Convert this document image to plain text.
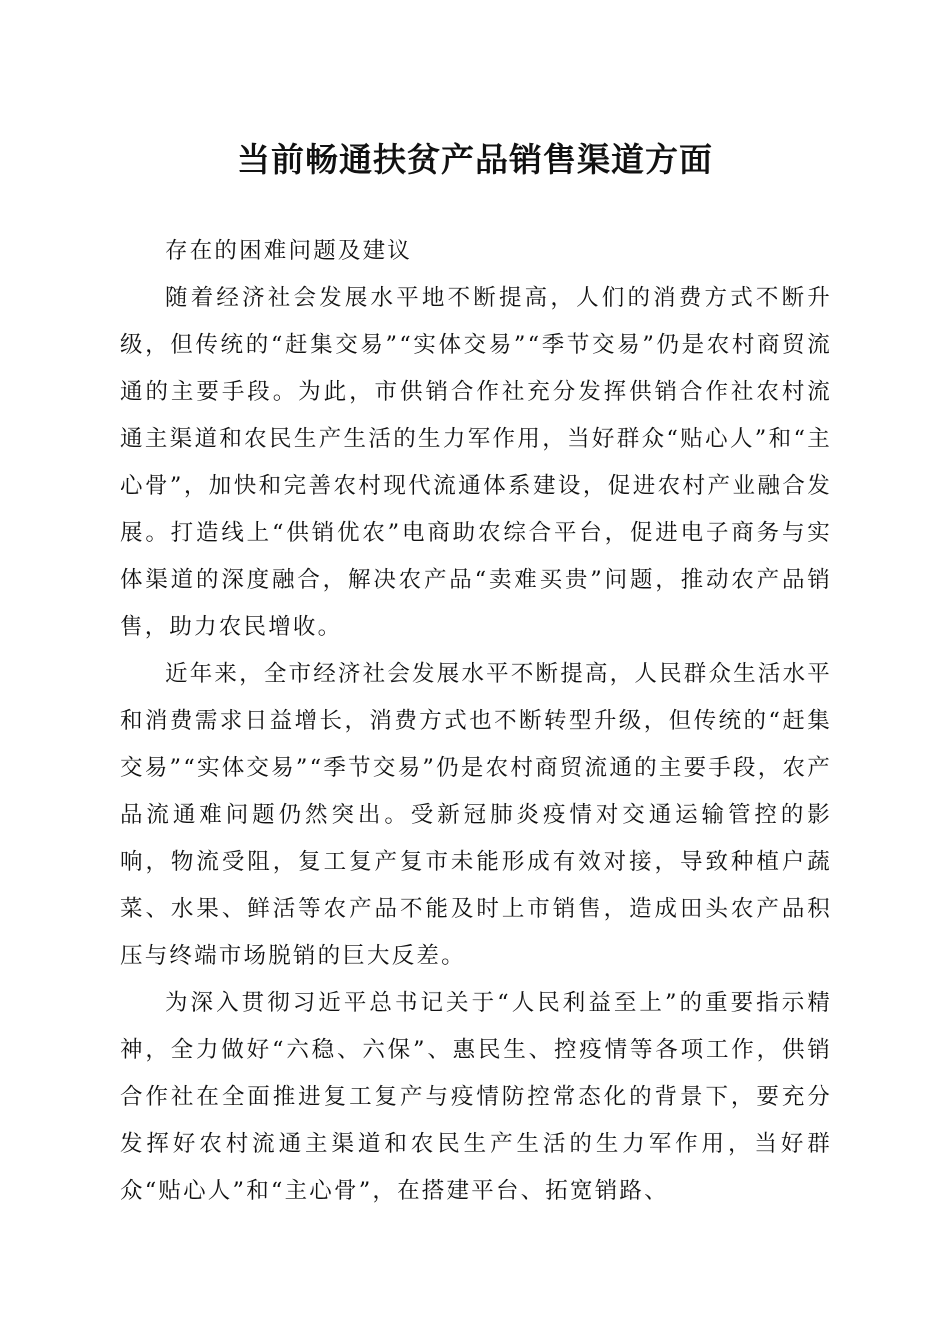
当前畅通扶贫产品销售渠道方面

存在的困难问题及建议

随着经济社会发展水平地不断提高，人们的消费方式不断升级，但传统的“赶集交易”“实体交易”“季节交易”仍是农村商贸流通的主要手段。为此，市供销合作社充分发挥供销合作社农村流通主渠道和农民生产生活的生力军作用，当好群众“贴心人”和“主心骨”，加快和完善农村现代流通体系建设，促进农村产业融合发展。打造线上“供销优农”电商助农综合平台，促进电子商务与实体渠道的深度融合，解决农产品“卖难买贵”问题，推动农产品销售，助力农民增收。

近年来，全市经济社会发展水平不断提高，人民群众生活水平和消费需求日益增长，消费方式也不断转型升级，但传统的“赶集交易”“实体交易”“季节交易”仍是农村商贸流通的主要手段，农产品流通难问题仍然突出。受新冠肺炎疫情对交通运输管控的影响，物流受阻，复工复产复市未能形成有效对接，导致种植户蔬菜、水果、鲜活等农产品不能及时上市销售，造成田头农产品积压与终端市场脱销的巨大反差。

为深入贯彻习近平总书记关于“人民利益至上”的重要指示精神，全力做好“六稳、六保”、惠民生、控疫情等各项工作，供销合作社在全面推进复工复产与疫情防控常态化的背景下，要充分发挥好农村流通主渠道和农民生产生活的生力军作用，当好群众“贴心人”和“主心骨”，在搭建平台、拓宽销路、
